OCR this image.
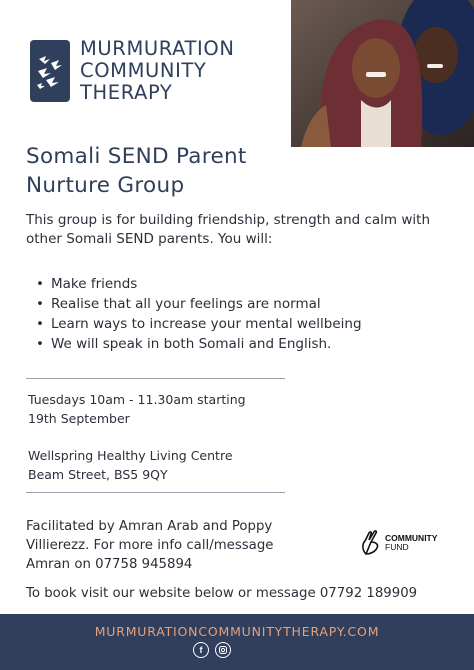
MURMURATION
COMMUNITY
THERAPY
Somali SEND Parent
Nurture Group
This group is for building friendship, strength and calm with other Somali SEND parents. You will:
• Make friends
• Realise that all your feelings are normal
• Learn ways to increase your mental wellbeing
• We will speak in both Somali and English.
Tuesdays 10am - 11.30am starting 19th September
Wellspring Healthy Living Centre
Beam Street, BS5 9QY
Facilitated by Amran Arab and Poppy Villierezz. For more info call/message Amran on 07758 945894
COMMUNITY
FUND
To book visit our website below or message 07792 189909
MURMURATIONCOMMUNITYTHERAPY.COM
f
